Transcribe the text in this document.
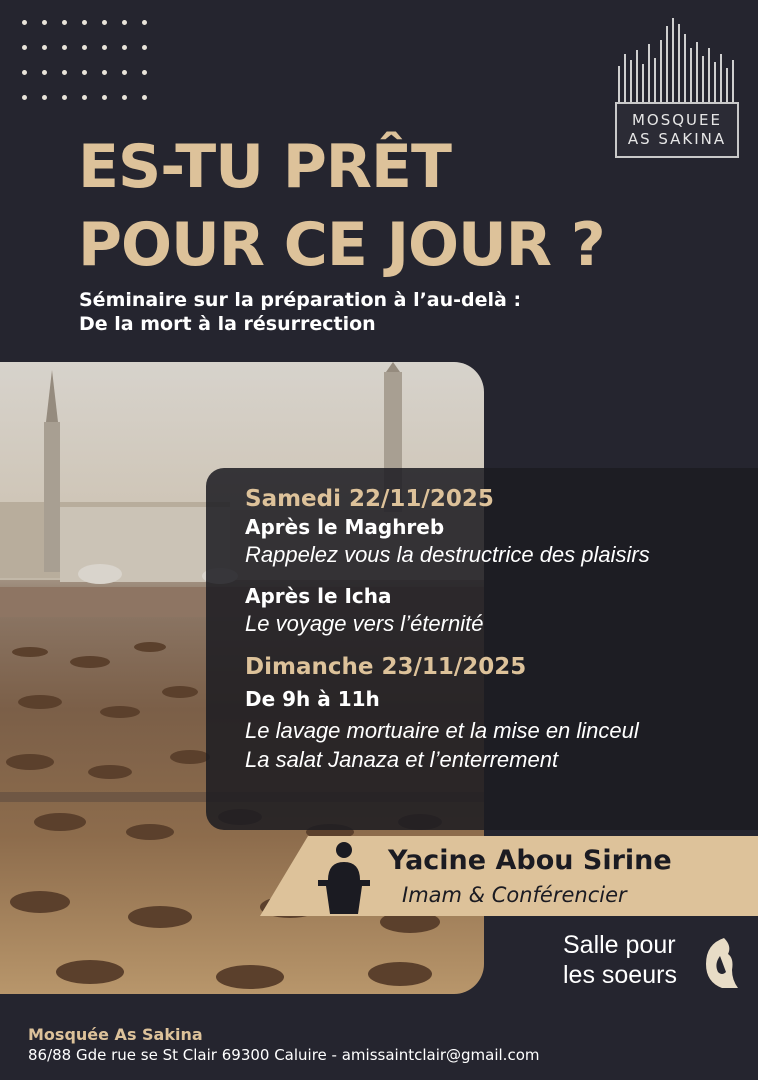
MOSQUEE
AS SAKINA
ES-TU PRÊT
POUR CE JOUR ?
Séminaire sur la préparation à l’au-delà :
De la mort à la résurrection
Samedi 22/11/2025
Après le Maghreb
Rappelez vous la destructrice des plaisirs
Après le Icha
Le voyage vers l’éternité
Dimanche 23/11/2025
De 9h à 11h
Le lavage mortuaire et la mise en linceul
La salat Janaza et l’enterrement
Yacine Abou Sirine
Imam & Conférencier
Salle pour
les soeurs
Mosquée As Sakina
86/88 Gde rue se St Clair 69300 Caluire - amissaintclair@gmail.com
